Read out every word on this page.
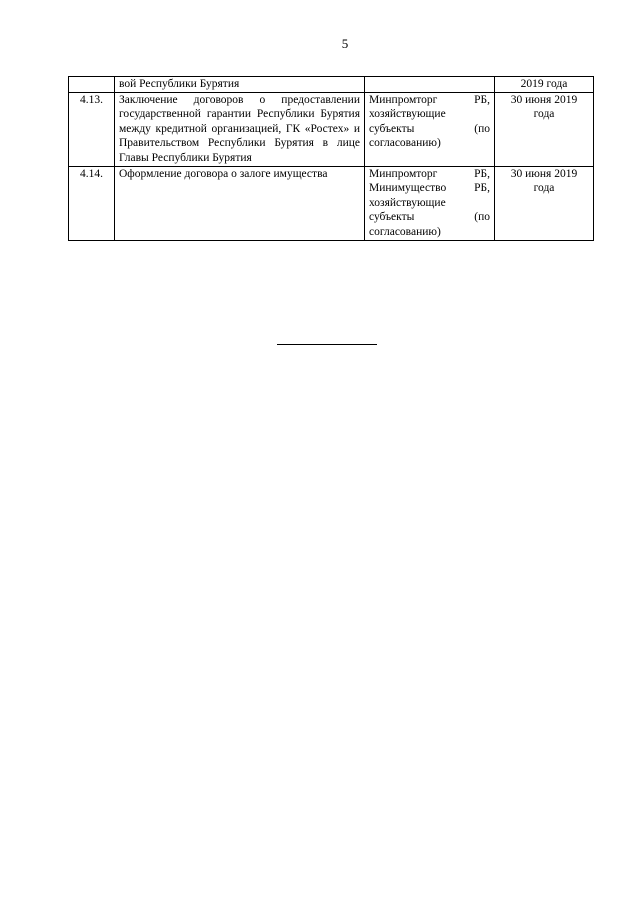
5
	вой Республики Бурятия		2019 года
4.13.	Заключение договоров о предоставлении государственной гарантии Республики Бурятия между кредитной организацией, ГК «Ростех» и Правительством Республики Бурятия в лице Главы Республики Бурятия	Минпромторг РБ, хозяйствующие субъекты (по согласованию)	30 июня 2019 года
4.14.	Оформление договора о залоге имущества	Минпромторг РБ, Минимущество РБ, хозяйствующие субъекты (по согласованию)	30 июня 2019 года
